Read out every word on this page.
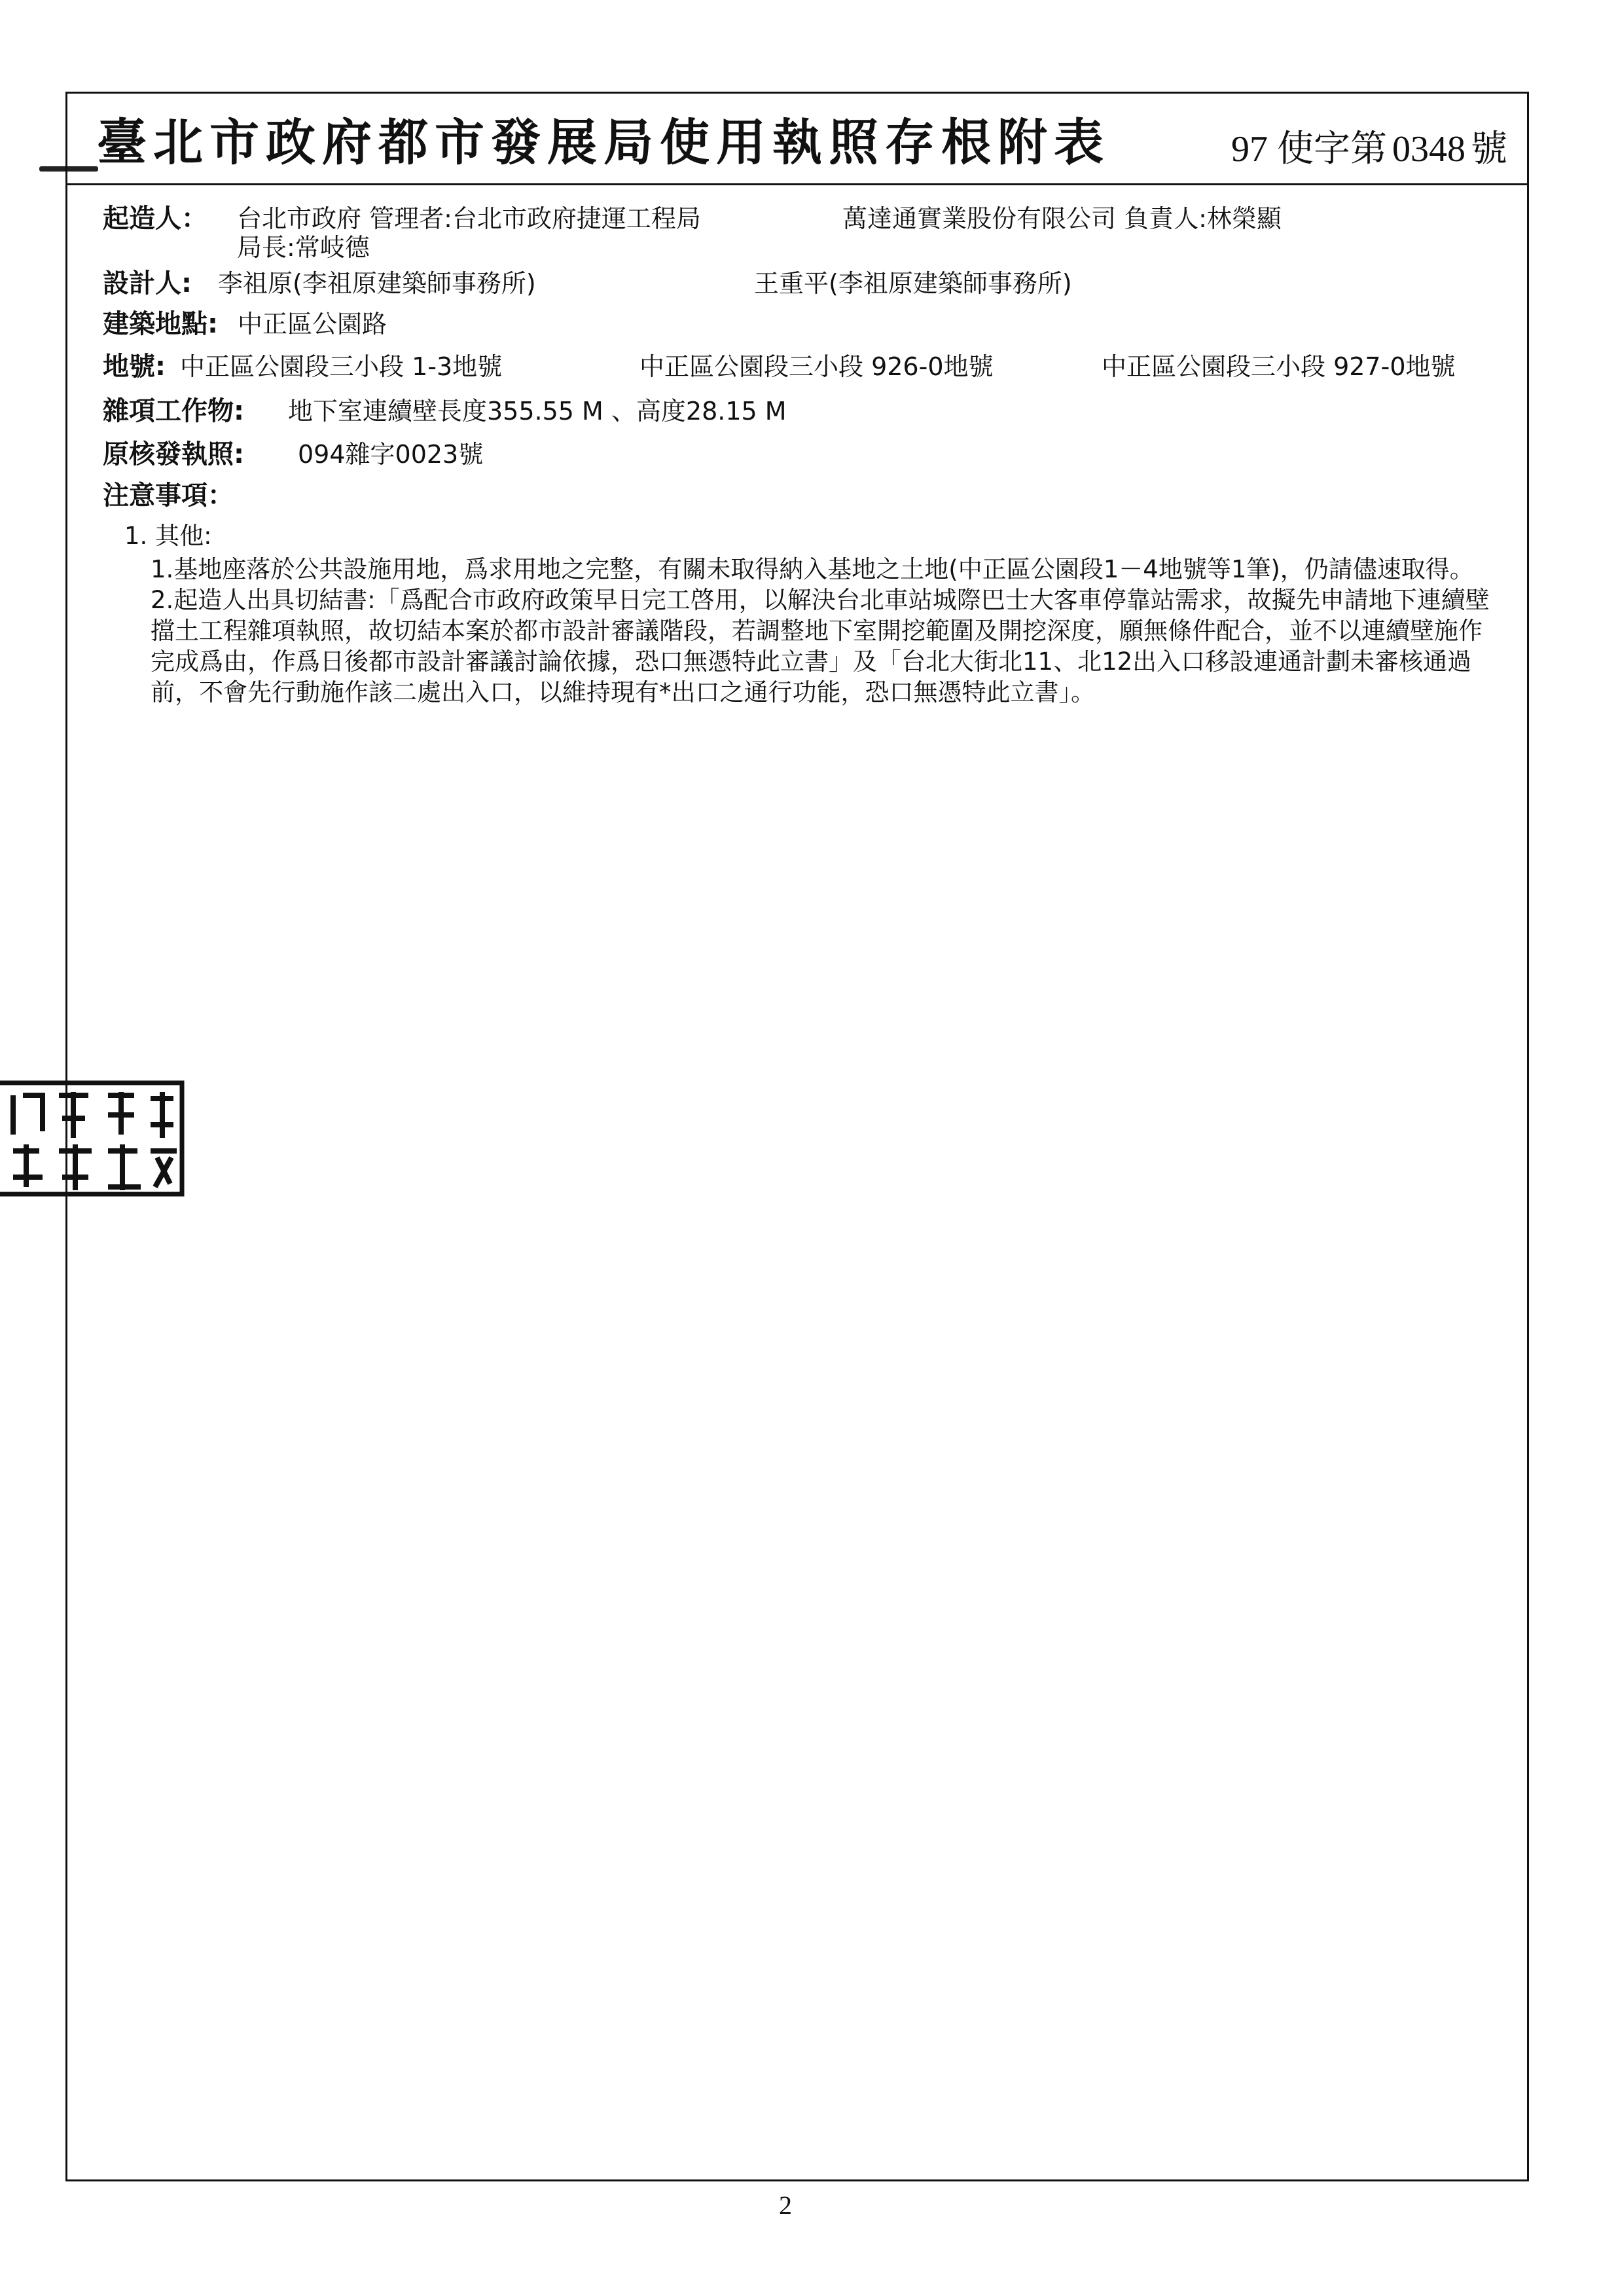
臺北市政府都市發展局使用執照存根附表	97 使字第 0348 號
起造人： 台北市政府 管理者:台北市政府捷運工程局
局長:常岐德
萬達通實業股份有限公司 負責人:林榮顯
設計人: 李祖原(李祖原建築師事務所)	王重平(李祖原建築師事務所)
建築地點: 中正區公園路
地號: 中正區公園段三小段 1-3地號	中正區公園段三小段 926-0地號	中正區公園段三小段 927-0地號
雜項工作物: 地下室連續壁長度355.55 M 、高度28.15 M
原核發執照: 094雜字0023號
注意事項：

1. 其他:

1.基地座落於公共設施用地，爲求用地之完整，有關未取得納入基地之土地(中正區公園段1－4地號等1筆)，仍請儘速取得。

2.起造人出具切結書:「爲配合市政府政策早日完工啓用，以解決台北車站城際巴士大客車停靠站需求，故擬先申請地下連續壁擋土工程雜項執照，故切結本案於都市設計審議階段，若調整地下室開挖範圍及開挖深度，願無條件配合，並不以連續壁施作完成爲由，作爲日後都市設計審議討論依據，恐口無憑特此立書」及「台北大街北11、北12出入口移設連通計劃未審核通過前，不會先行動施作該二處出入口，以維持現有*出口之通行功能，恐口無憑特此立書」。

2
